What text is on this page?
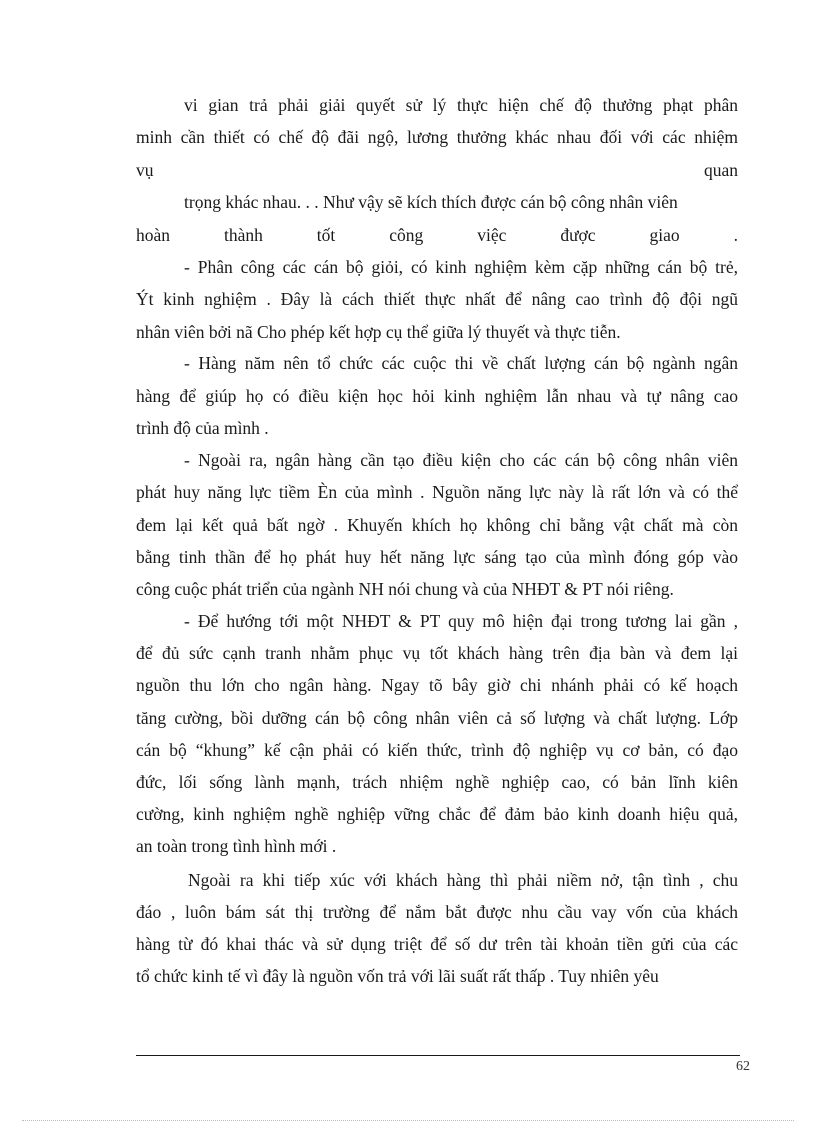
vi gian trả phải giải quyết sử lý thực hiện chế độ thưởng phạt phân
minh cần thiết có chế độ đãi ngộ, lương thưởng khác nhau đối với các nhiệm
vụ	quan
trọng khác nhau. . . Như vậy sẽ kích thích được cán bộ công nhân viên
hoàn thành tốt công việc được giao .
- Phân công các cán bộ giỏi, có kinh nghiệm kèm cặp những cán bộ trẻ,
Ýt kinh nghiệm . Đây là cách thiết thực nhất để nâng cao trình độ đội ngũ
nhân viên bởi nã Cho phép kết hợp cụ thể giữa lý thuyết và thực tiễn.
- Hàng năm nên tổ chức các cuộc thi về chất lượng cán bộ ngành ngân
hàng để giúp họ có điều kiện học hỏi kinh nghiệm lẫn nhau và tự nâng cao
trình độ của mình .
- Ngoài ra, ngân hàng cần tạo điều kiện cho các cán bộ công nhân viên
phát huy năng lực tiềm Èn của mình . Nguồn năng lực này là rất lớn và có thể
đem lại kết quả bất ngờ . Khuyến khích họ không chỉ bằng vật chất mà còn
bằng tinh thần để họ phát huy hết năng lực sáng tạo của mình đóng góp vào
công cuộc phát triển của ngành NH nói chung và của NHĐT & PT nói riêng.
- Để hướng tới một NHĐT & PT quy mô hiện đại trong tương lai gần ,
để đủ sức cạnh tranh nhằm phục vụ tốt khách hàng trên địa bàn và đem lại
nguồn thu lớn cho ngân hàng. Ngay tõ bây giờ chi nhánh phải có kế hoạch
tăng cường, bồi dưỡng cán bộ công nhân viên cả số lượng và chất lượng. Lớp
cán bộ “khung” kế cận phải có kiến thức, trình độ nghiệp vụ cơ bản, có đạo
đức, lối sống lành mạnh, trách nhiệm nghề nghiệp cao, có bản lĩnh kiên
cường, kinh nghiệm nghề nghiệp vững chắc để đảm bảo kinh doanh hiệu quả,
an toàn trong tình hình mới .
Ngoài ra khi tiếp xúc với khách hàng thì phải niềm nở, tận tình , chu
đáo , luôn bám sát thị trường để nắm bắt được nhu cầu vay vốn của khách
hàng từ đó khai thác và sử dụng triệt để số dư trên tài khoản tiền gửi của các
tổ chức kinh tế vì đây là nguồn vốn trả với lãi suất rất thấp . Tuy nhiên yêu
62
